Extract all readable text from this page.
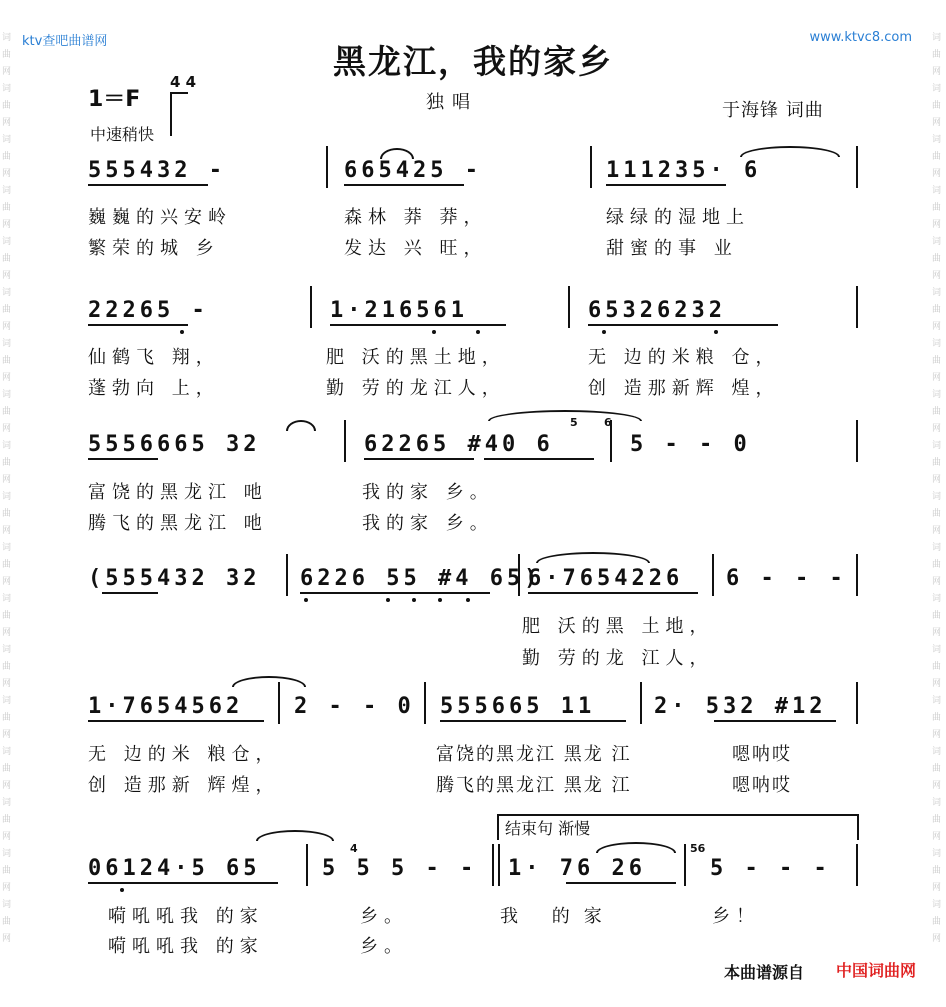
词曲网词曲网词曲网词曲网词曲网词曲网词曲网词曲网词曲网词曲网词曲网词曲网词曲网词曲网词曲网词曲网词曲网词曲网
词曲网词曲网词曲网词曲网词曲网词曲网词曲网词曲网词曲网词曲网词曲网词曲网词曲网词曲网词曲网词曲网词曲网词曲网
ktv查吧曲谱网	www.ktvc8.com
黑龙江，我的家乡
1＝F
4 4
独唱	于海锋 词曲
中速稍快
555432 -	665425 -	111235· 6
巍巍的兴安岭	森林 莽 莽，	绿绿的湿地上
繁荣的城 乡	发达 兴 旺，	甜蜜的事 业
22265 -	1·216561	65326232
仙鹤飞 翔，	肥 沃的黑土地，	无 边的米粮 仓，
蓬勃向 上，	勤 劳的龙江人，	创 造那新辉 煌，
5556665 32	62265 #40 6
6
5 - - 0
5
富饶的黑龙江 吔	我的家 乡。
腾飞的黑龙江 吔	我的家 乡。
(555432 32 6226 55 #4 65)
6·7654226 6 - - -
肥 沃的黑 土地，
勤 劳的龙 江人，
1·7654562 2 - - 0 555665 11	2· 532 #12
无 边的米 粮仓，	富饶的黑龙江 黑龙 江	嗯呐哎
创 造那新 辉煌，	腾飞的黑龙江 黑龙 江	嗯呐哎
结束句 渐慢
06124·5 65
4
5 5 5 - - 1· 76 26
56
5 - - -
嗬吼吼我 的家	乡。	我 的家	乡！
嗬吼吼我 的家	乡。
本曲谱源自 中国词曲网
